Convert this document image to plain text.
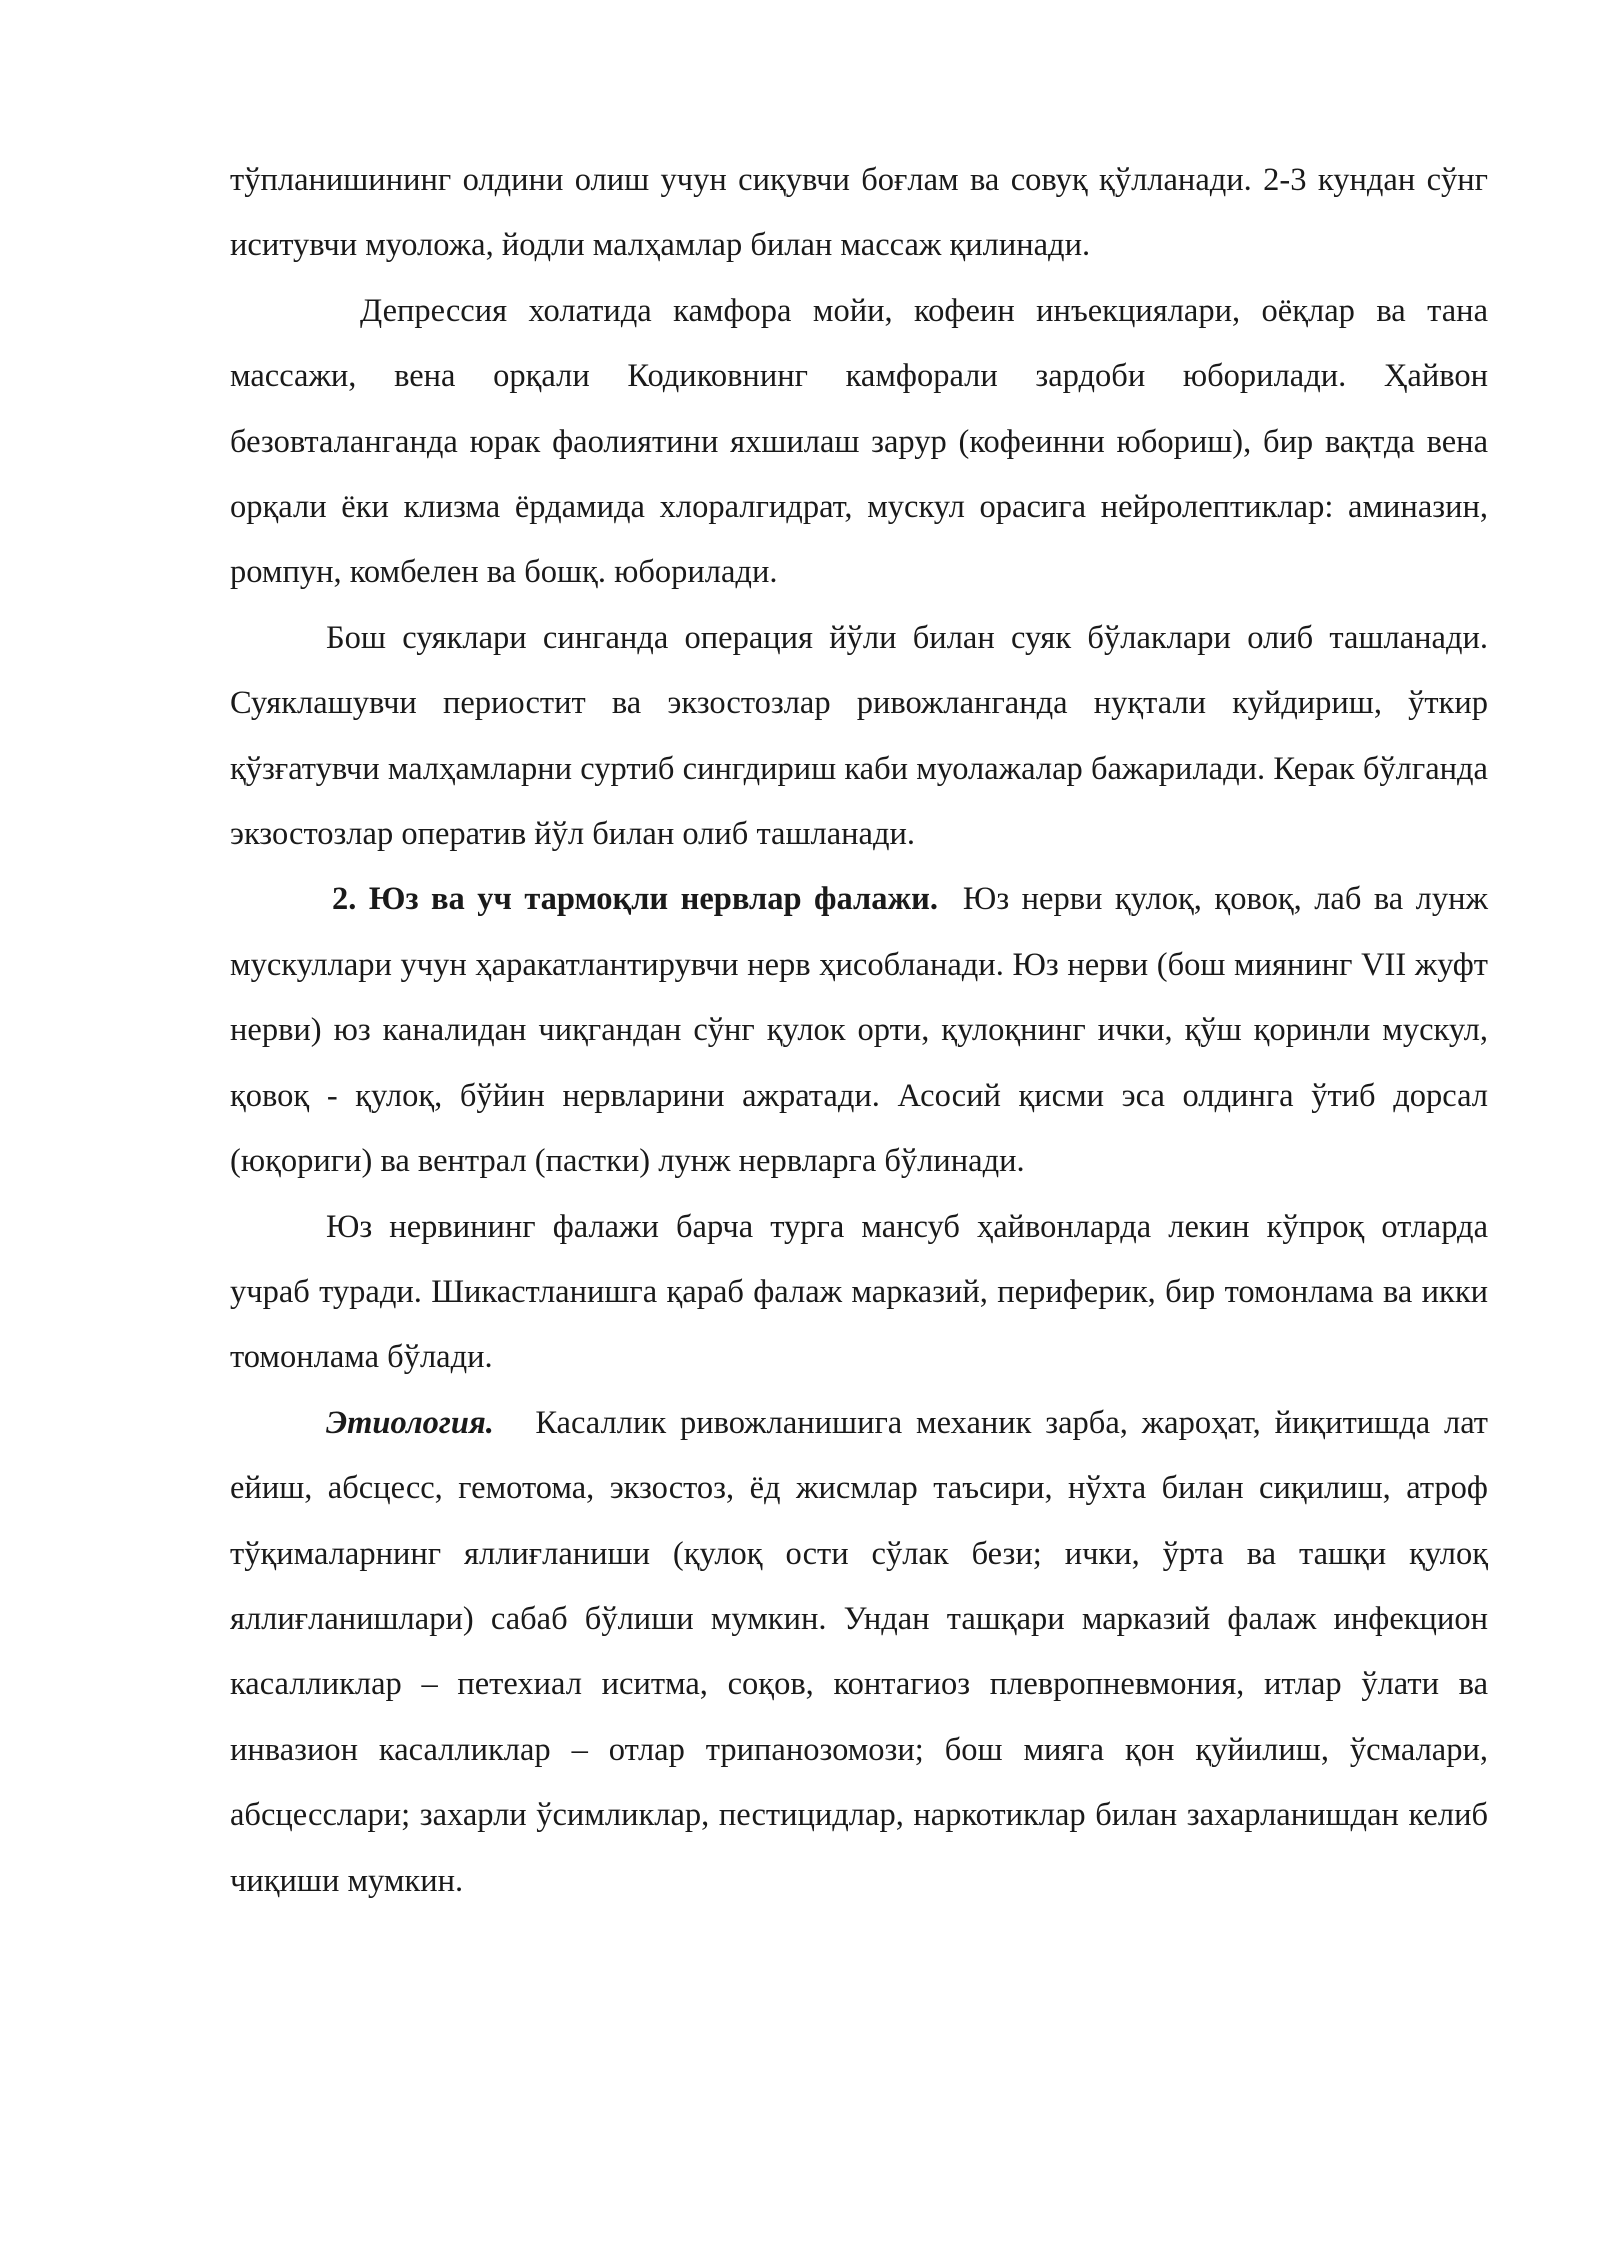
тўпланишининг олдини олиш учун сиқувчи боғлам ва совуқ қўлланади. 2-3 кундан сўнг иситувчи муоложа, йодли малҳамлар билан массаж қилинади.

Депрессия холатида камфора мойи, кофеин инъекциялари, оёқлар ва тана массажи, вена орқали Кодиковнинг камфорали зардоби юборилади. Ҳайвон безовталанганда юрак фаолиятини яхшилаш зарур (кофеинни юбориш), бир вақтда вена орқали ёки клизма ёрдамида хлоралгидрат, мускул орасига нейролептиклар: аминазин, ромпун, комбелен ва бошқ. юборилади.

Бош суяклари синганда операция йўли билан суяк бўлаклари олиб ташланади. Суяклашувчи периостит ва экзостозлар ривожланганда нуқтали куйдириш, ўткир қўзғатувчи малҳамларни суртиб сингдириш каби муолажалар бажарилади. Керак бўлганда экзостозлар оператив йўл билан олиб ташланади.

2. Юз ва уч тармоқли нервлар фалажи. Юз нерви қулоқ, қовоқ, лаб ва лунж мускуллари учун ҳаракатлантирувчи нерв ҳисобланади. Юз нерви (бош миянинг VII жуфт нерви) юз каналидан чиқгандан сўнг қулок орти, қулоқнинг ички, қўш қоринли мускул, қовоқ - қулоқ, бўйин нервларини ажратади. Асосий қисми эса олдинга ўтиб дорсал (юқориги) ва вентрал (пастки) лунж нервларга бўлинади.

Юз нервининг фалажи барча турга мансуб ҳайвонларда лекин кўпроқ отларда учраб туради. Шикастланишга қараб фалаж марказий, периферик, бир томонлама ва икки томонлама бўлади.

Этиология. Касаллик ривожланишига механик зарба, жароҳат, йиқитишда лат ейиш, абсцесс, гемотома, экзостоз, ёд жисмлар таъсири, нўхта билан сиқилиш, атроф тўқималарнинг яллиғланиши (қулоқ ости сўлак бези; ички, ўрта ва ташқи қулоқ яллиғланишлари) сабаб бўлиши мумкин. Ундан ташқари марказий фалаж инфекцион касалликлар – петехиал иситма, соқов, контагиоз плевропневмония, итлар ўлати ва инвазион касалликлар – отлар трипанозомози; бош мияга қон қуйилиш, ўсмалари, абсцесслари; захарли ўсимликлар, пестицидлар, наркотиклар билан захарланишдан келиб чиқиши мумкин.
